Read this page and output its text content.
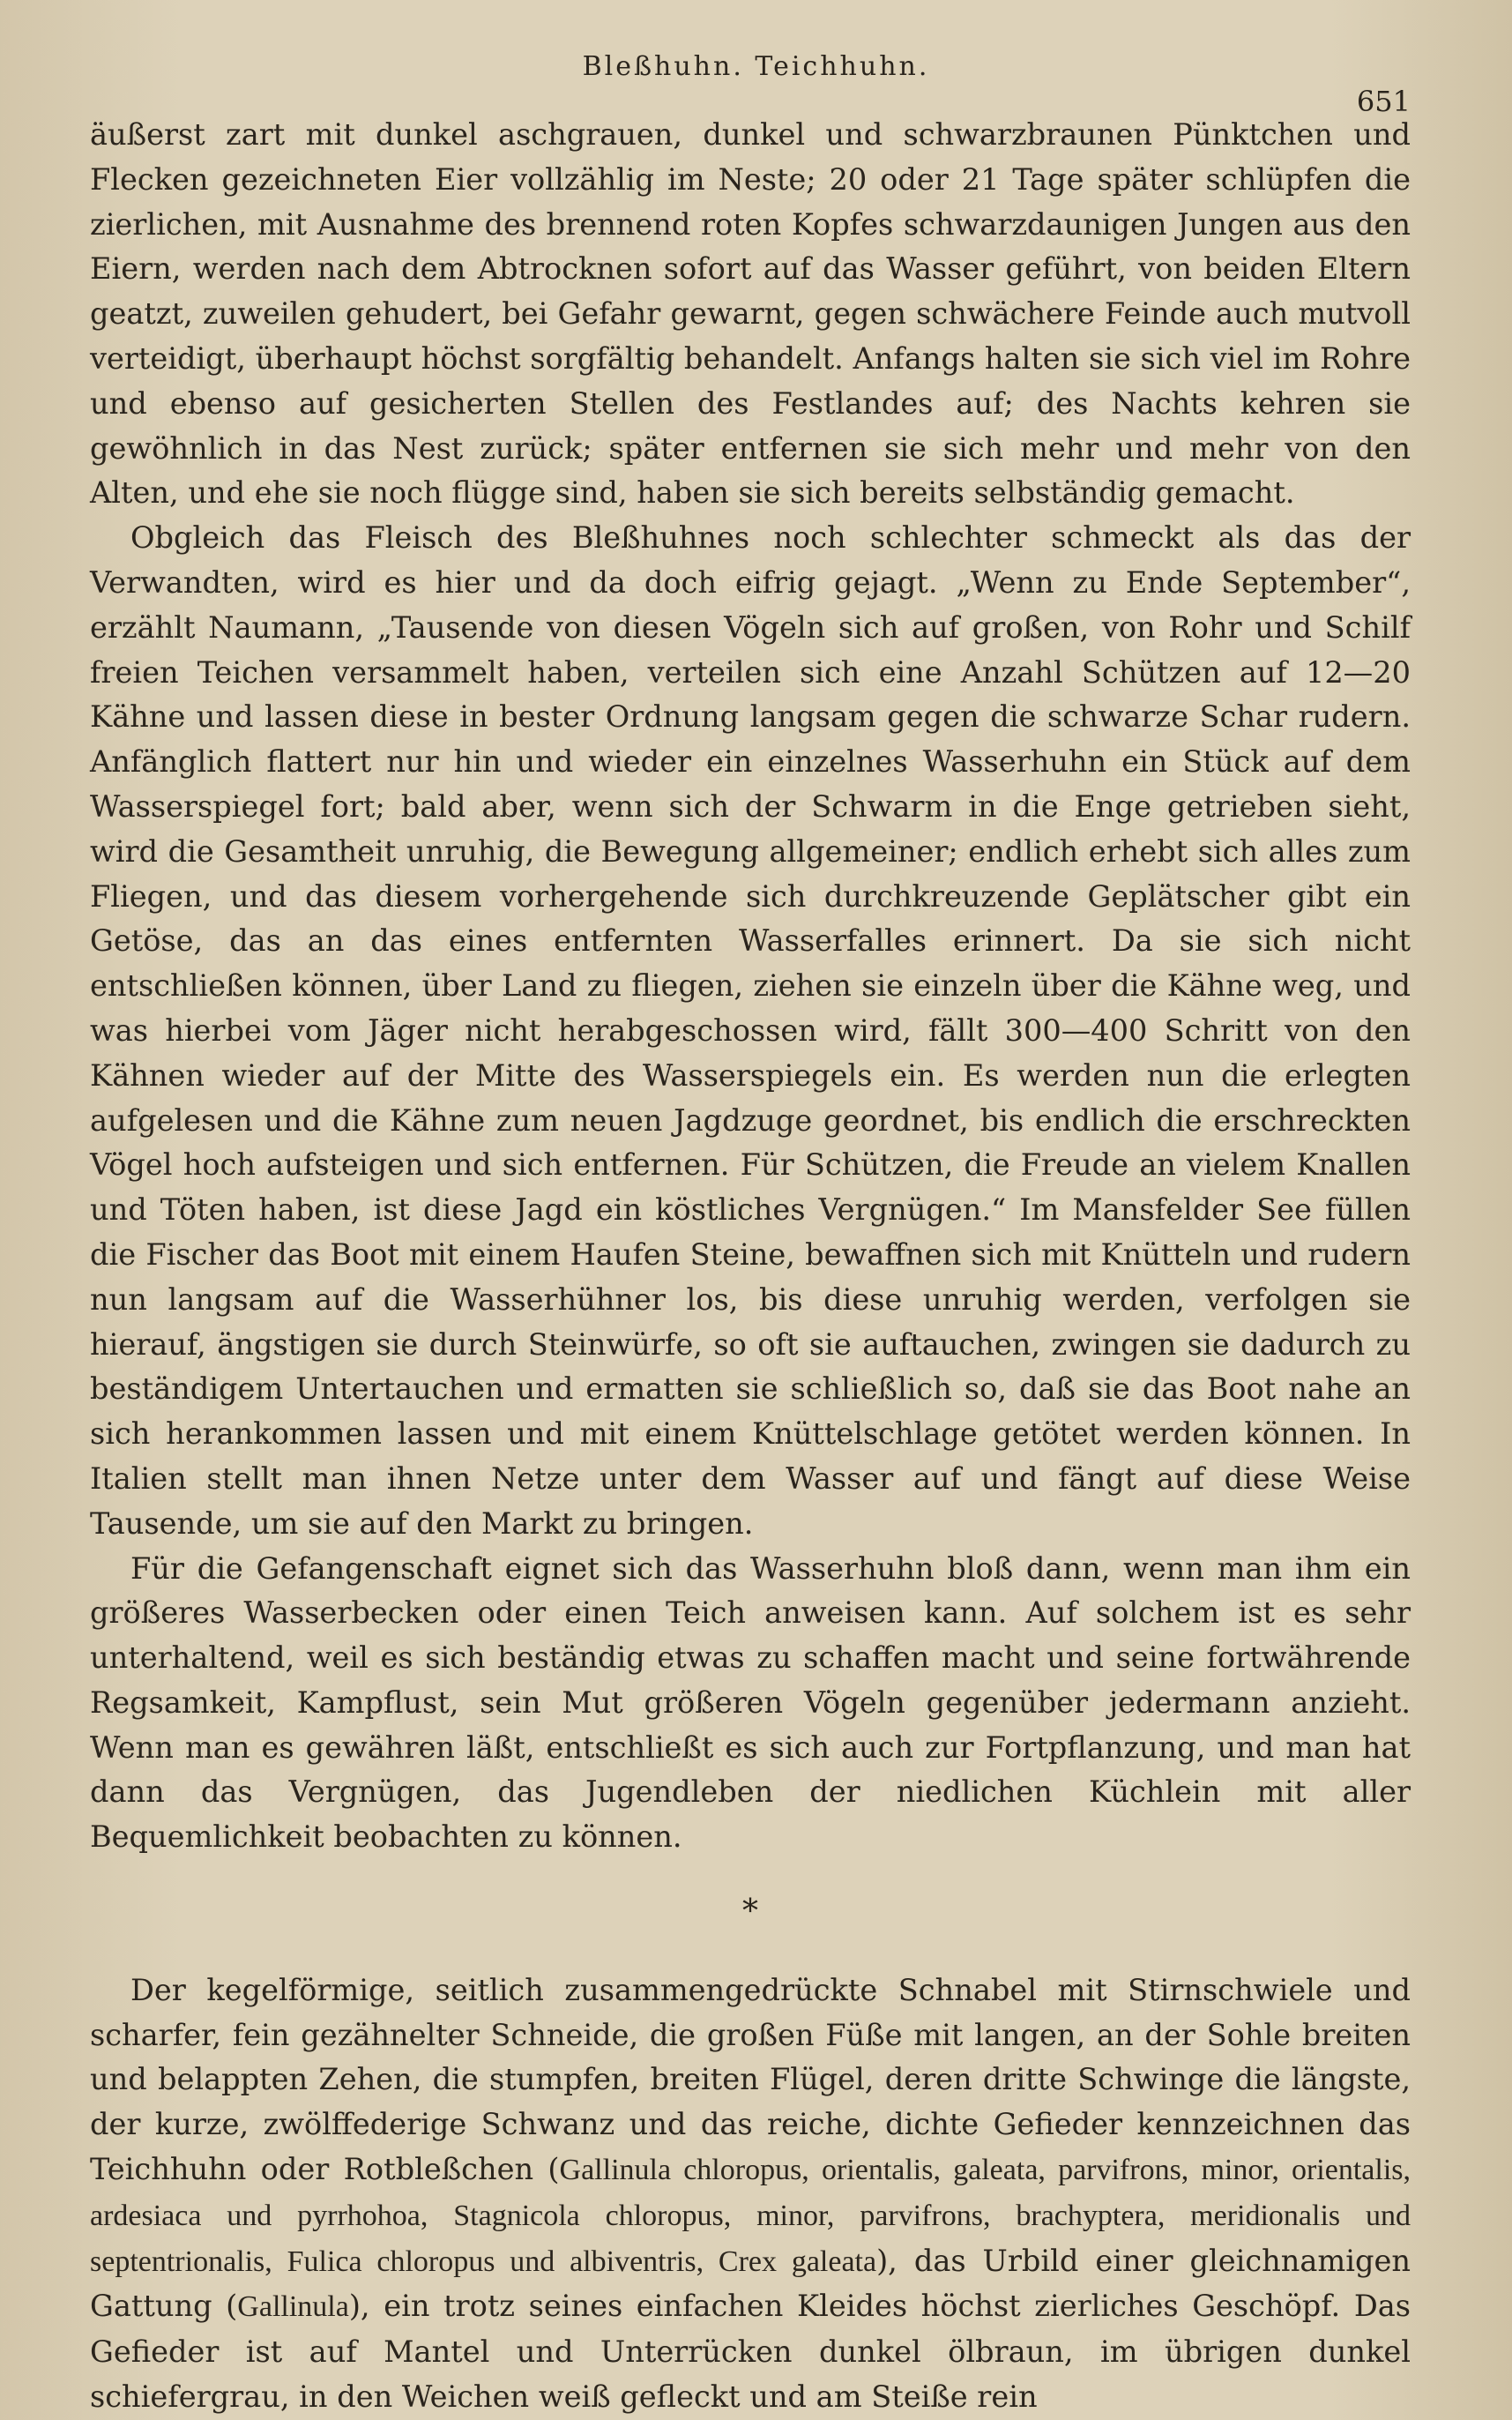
Bleßhuhn. Teichhuhn.
651

äußerst zart mit dunkel aschgrauen, dunkel und schwarzbraunen Pünktchen und Flecken gezeichneten Eier vollzählig im Neste; 20 oder 21 Tage später schlüpfen die zierlichen, mit Ausnahme des brennend roten Kopfes schwarzdaunigen Jungen aus den Eiern, werden nach dem Abtrocknen sofort auf das Wasser geführt, von beiden Eltern geatzt, zuweilen gehudert, bei Gefahr gewarnt, gegen schwächere Feinde auch mutvoll verteidigt, überhaupt höchst sorgfältig behandelt. Anfangs halten sie sich viel im Rohre und ebenso auf gesicherten Stellen des Festlandes auf; des Nachts kehren sie gewöhnlich in das Nest zurück; später entfernen sie sich mehr und mehr von den Alten, und ehe sie noch flügge sind, haben sie sich bereits selbständig gemacht.

Obgleich das Fleisch des Bleßhuhnes noch schlechter schmeckt als das der Verwandten, wird es hier und da doch eifrig gejagt. „Wenn zu Ende September“, erzählt Naumann, „Tausende von diesen Vögeln sich auf großen, von Rohr und Schilf freien Teichen versammelt haben, verteilen sich eine Anzahl Schützen auf 12—20 Kähne und lassen diese in bester Ordnung langsam gegen die schwarze Schar rudern. Anfänglich flattert nur hin und wieder ein einzelnes Wasserhuhn ein Stück auf dem Wasserspiegel fort; bald aber, wenn sich der Schwarm in die Enge getrieben sieht, wird die Gesamtheit unruhig, die Bewegung allgemeiner; endlich erhebt sich alles zum Fliegen, und das diesem vorhergehende sich durchkreuzende Geplätscher gibt ein Getöse, das an das eines entfernten Wasserfalles erinnert. Da sie sich nicht entschließen können, über Land zu fliegen, ziehen sie einzeln über die Kähne weg, und was hierbei vom Jäger nicht herabgeschossen wird, fällt 300—400 Schritt von den Kähnen wieder auf der Mitte des Wasserspiegels ein. Es werden nun die erlegten aufgelesen und die Kähne zum neuen Jagdzuge geordnet, bis endlich die erschreckten Vögel hoch aufsteigen und sich entfernen. Für Schützen, die Freude an vielem Knallen und Töten haben, ist diese Jagd ein köstliches Vergnügen.“ Im Mansfelder See füllen die Fischer das Boot mit einem Haufen Steine, bewaffnen sich mit Knütteln und rudern nun langsam auf die Wasserhühner los, bis diese unruhig werden, verfolgen sie hierauf, ängstigen sie durch Steinwürfe, so oft sie auftauchen, zwingen sie dadurch zu beständigem Untertauchen und ermatten sie schließlich so, daß sie das Boot nahe an sich herankommen lassen und mit einem Knüttelschlage getötet werden können. In Italien stellt man ihnen Netze unter dem Wasser auf und fängt auf diese Weise Tausende, um sie auf den Markt zu bringen.

Für die Gefangenschaft eignet sich das Wasserhuhn bloß dann, wenn man ihm ein größeres Wasserbecken oder einen Teich anweisen kann. Auf solchem ist es sehr unterhaltend, weil es sich beständig etwas zu schaffen macht und seine fortwährende Regsamkeit, Kampflust, sein Mut größeren Vögeln gegenüber jedermann anzieht. Wenn man es gewähren läßt, entschließt es sich auch zur Fortpflanzung, und man hat dann das Vergnügen, das Jugendleben der niedlichen Küchlein mit aller Bequemlichkeit beobachten zu können.

*

Der kegelförmige, seitlich zusammengedrückte Schnabel mit Stirnschwiele und scharfer, fein gezähnelter Schneide, die großen Füße mit langen, an der Sohle breiten und belappten Zehen, die stumpfen, breiten Flügel, deren dritte Schwinge die längste, der kurze, zwölffederige Schwanz und das reiche, dichte Gefieder kennzeichnen das Teichhuhn oder Rotbleßchen (Gallinula chloropus, orientalis, galeata, parvifrons, minor, orientalis, ardesiaca und pyrrhohoa, Stagnicola chloropus, minor, parvifrons, brachyptera, meridionalis und septentrionalis, Fulica chloropus und albiventris, Crex galeata), das Urbild einer gleichnamigen Gattung (Gallinula), ein trotz seines einfachen Kleides höchst zierliches Geschöpf. Das Gefieder ist auf Mantel und Unterrücken dunkel ölbraun, im übrigen dunkel schiefergrau, in den Weichen weiß gefleckt und am Steiße rein
